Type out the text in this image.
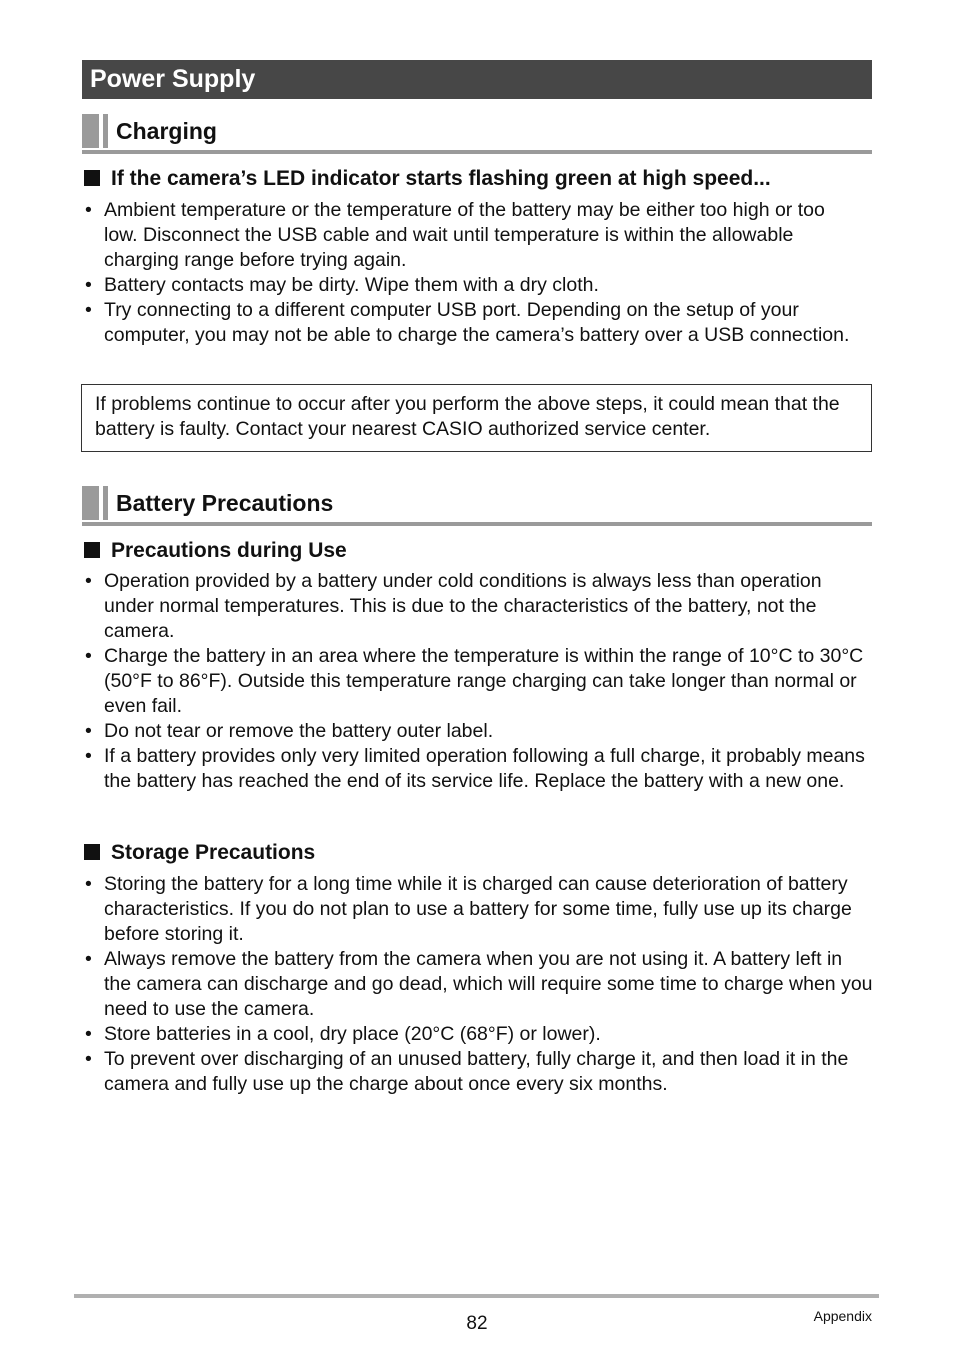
Power Supply
Charging
If the camera’s LED indicator starts flashing green at high speed...
• Ambient temperature or the temperature of the battery may be either too high or too low. Disconnect the USB cable and wait until temperature is within the allowable charging range before trying again.
• Battery contacts may be dirty. Wipe them with a dry cloth.
• Try connecting to a different computer USB port. Depending on the setup of your computer, you may not be able to charge the camera’s battery over a USB connection.
If problems continue to occur after you perform the above steps, it could mean that the battery is faulty. Contact your nearest CASIO authorized service center.
Battery Precautions
Precautions during Use
• Operation provided by a battery under cold conditions is always less than operation under normal temperatures. This is due to the characteristics of the battery, not the camera.
• Charge the battery in an area where the temperature is within the range of 10°C to 30°C (50°F to 86°F). Outside this temperature range charging can take longer than normal or even fail.
• Do not tear or remove the battery outer label.
• If a battery provides only very limited operation following a full charge, it probably means the battery has reached the end of its service life. Replace the battery with a new one.
Storage Precautions
• Storing the battery for a long time while it is charged can cause deterioration of battery characteristics. If you do not plan to use a battery for some time, fully use up its charge before storing it.
• Always remove the battery from the camera when you are not using it. A battery left in the camera can discharge and go dead, which will require some time to charge when you need to use the camera.
• Store batteries in a cool, dry place (20°C (68°F) or lower).
• To prevent over discharging of an unused battery, fully charge it, and then load it in the camera and fully use up the charge about once every six months.
82	Appendix
